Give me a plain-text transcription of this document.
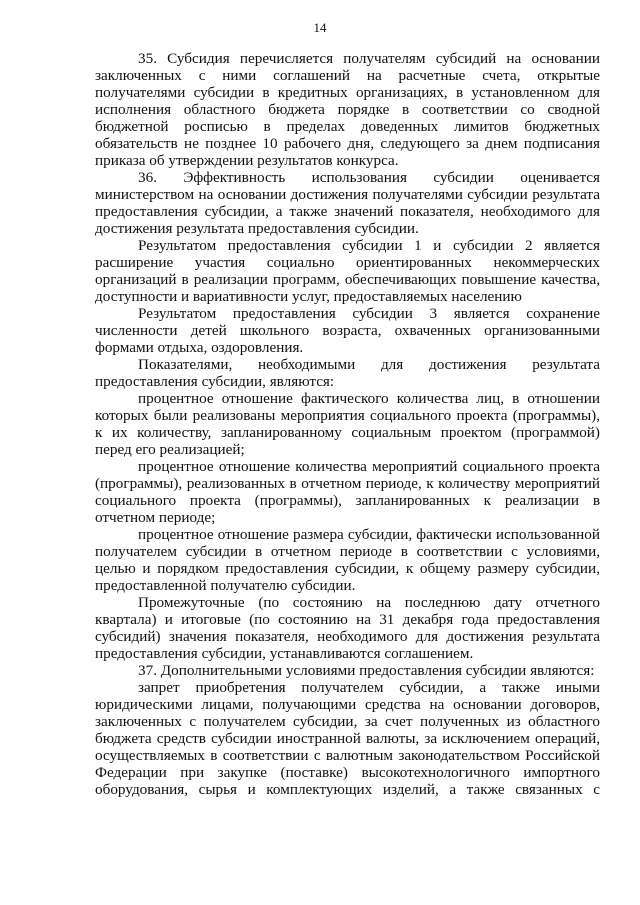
14
35. Субсидия перечисляется получателям субсидий на основании
заключенных с ними соглашений на расчетные счета, открытые
получателями субсидии в кредитных организациях, в установленном для
исполнения областного бюджета порядке в соответствии со сводной
бюджетной росписью в пределах доведенных лимитов бюджетных
обязательств не позднее 10 рабочего дня, следующего за днем подписания
приказа об утверждении результатов конкурса.
36. Эффективность использования субсидии оценивается
министерством на основании достижения получателями субсидии результата
предоставления субсидии, а также значений показателя, необходимого для
достижения результата предоставления субсидии.
Результатом предоставления субсидии 1 и субсидии 2 является
расширение участия социально ориентированных некоммерческих
организаций в реализации программ, обеспечивающих повышение качества,
доступности и вариативности услуг, предоставляемых населению
Результатом предоставления субсидии 3 является сохранение
численности детей школьного возраста, охваченных организованными
формами отдыха, оздоровления.
Показателями, необходимыми для достижения результата
предоставления субсидии, являются:
процентное отношение фактического количества лиц, в отношении
которых были реализованы мероприятия социального проекта (программы),
к их количеству, запланированному социальным проектом (программой)
перед его реализацией;
процентное отношение количества мероприятий социального проекта
(программы), реализованных в отчетном периоде, к количеству мероприятий
социального проекта (программы), запланированных к реализации в
отчетном периоде;
процентное отношение размера субсидии, фактически использованной
получателем субсидии в отчетном периоде в соответствии с условиями,
целью и порядком предоставления субсидии, к общему размеру субсидии,
предоставленной получателю субсидии.
Промежуточные (по состоянию на последнюю дату отчетного
квартала) и итоговые (по состоянию на 31 декабря года предоставления
субсидий) значения показателя, необходимого для достижения результата
предоставления субсидии, устанавливаются соглашением.
37. Дополнительными условиями предоставления субсидии являются:
запрет приобретения получателем субсидии, а также иными
юридическими лицами, получающими средства на основании договоров,
заключенных с получателем субсидии, за счет полученных из областного
бюджета средств субсидии иностранной валюты, за исключением операций,
осуществляемых в соответствии с валютным законодательством Российской
Федерации при закупке (поставке) высокотехнологичного импортного
оборудования, сырья и комплектующих изделий, а также связанных с
